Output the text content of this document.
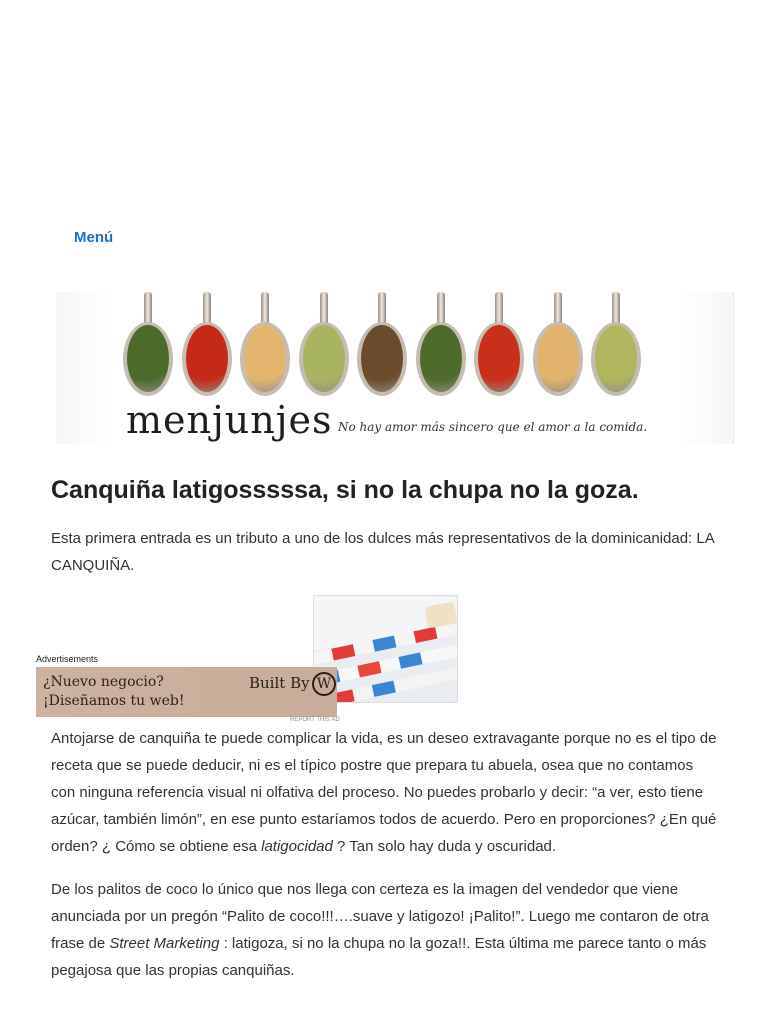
Menú
menjunjes No hay amor más sincero que el amor a la comida.
Canquiña latigosssssa, si no la chupa no la goza.

Esta primera entrada es un tributo a uno de los dulces más representativos de la dominicanidad: LA CANQUIÑA.

Advertisements
¿Nuevo negocio?
¡Diseñamos tu web!
Built By W
REPORT THIS AD

Antojarse de canquiña te puede complicar la vida, es un deseo extravagante porque no es el tipo de receta que se puede deducir, ni es el típico postre que prepara tu abuela, osea que no contamos con ninguna referencia visual ni olfativa del proceso. No puedes probarlo y decir: “a ver, esto tiene azúcar, también limón”, en ese punto estaríamos todos de acuerdo. Pero en proporciones? ¿En qué orden? ¿ Cómo se obtiene esa latigocidad ? Tan solo hay duda y oscuridad.

De los palitos de coco lo único que nos llega con certeza es la imagen del vendedor que viene anunciada por un pregón “Palito de coco!!!….suave y latigozo! ¡Palito!”. Luego me contaron de otra frase de Street Marketing : latigoza, si no la chupa no la goza!!. Esta última me parece tanto o más pegajosa que las propias canquiñas.
